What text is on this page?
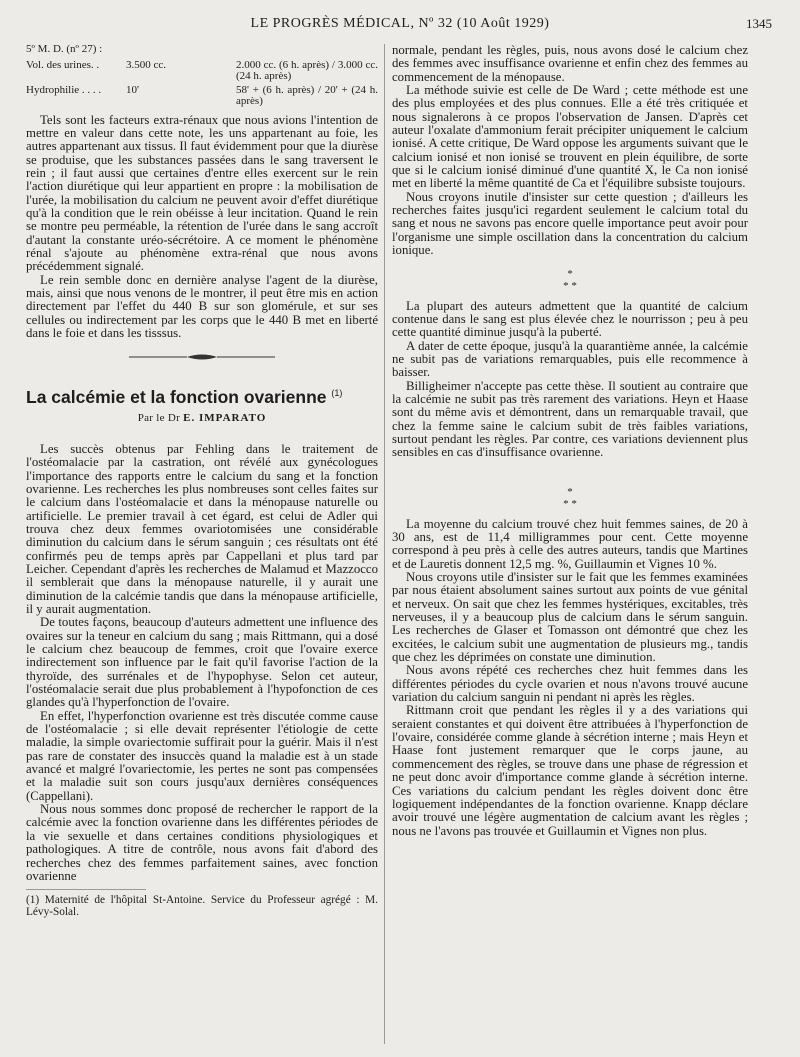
LE PROGRÈS MÉDICAL, Nº 32 (10 Août 1929)	1345
5º M. D. (nº 27) :
Vol. des urines. .	3.500 cc.	2.000 cc. (6 h. après) / 3.000 cc.(24 h. après)
Hydrophilie . . . .	10'	58' + (6 h. après) / 20' + (24 h. après)

Tels sont les facteurs extra-rénaux que nous avions l'intention de mettre en valeur dans cette note, les uns appartenant au foie, les autres appartenant aux tissus. Il faut évidemment pour que la diurèse se produise, que les substances passées dans le sang traversent le rein ; il faut aussi que certaines d'entre elles exercent sur le rein l'action diurétique qui leur appartient en propre : la mobilisation de l'urée, la mobilisation du calcium ne peuvent avoir d'effet diurétique qu'à la condition que le rein obéisse à leur incitation. Quand le rein se montre peu perméable, la rétention de l'urée dans le sang accroît d'autant la constante uréo-sécrétoire. A ce moment le phénomène rénal s'ajoute au phénomène extra-rénal que nous avons précédemment signalé.

Le rein semble donc en dernière analyse l'agent de la diurèse, mais, ainsi que nous venons de le montrer, il peut être mis en action directement par l'effet du 440 B sur son glomérule, et sur ses cellules ou indirectement par les corps que le 440 B met en liberté dans le foie et dans les tisssus.

La calcémie et la fonction ovarienne $^{(1)}$
Par le Dr E. IMPARATO

Les succès obtenus par Fehling dans le traitement de l'ostéomalacie par la castration, ont révélé aux gynécologues l'importance des rapports entre le calcium du sang et la fonction ovarienne. Les recherches les plus nombreuses sont celles faites sur le calcium dans l'ostéomalacie et dans la ménopause naturelle ou artificielle. Le premier travail à cet égard, est celui de Adler qui trouva chez deux femmes ovariotomisées une considérable diminution du calcium dans le sérum sanguin ; ces résultats ont été confirmés peu de temps après par Cappellani et plus tard par Leicher. Cependant d'après les recherches de Malamud et Mazzocco il semblerait que dans la ménopause naturelle, il y aurait une diminution de la calcémie tandis que dans la ménopause artificielle, il y aurait augmentation.

De toutes façons, beaucoup d'auteurs admettent une influence des ovaires sur la teneur en calcium du sang ; mais Rittmann, qui a dosé le calcium chez beaucoup de femmes, croit que l'ovaire exerce indirectement son influence par le fait qu'il favorise l'action de la thyroïde, des surrénales et de l'hypophyse. Selon cet auteur, l'ostéomalacie serait due plus probablement à l'hypofonction de ces glandes qu'à l'hyperfonction de l'ovaire.

En effet, l'hyperfonction ovarienne est très discutée comme cause de l'ostéomalacie ; si elle devait représenter l'étiologie de cette maladie, la simple ovariectomie suffirait pour la guérir. Mais il n'est pas rare de constater des insuccès quand la maladie est à un stade avancé et malgré l'ovariectomie, les pertes ne sont pas compensées et la maladie suit son cours jusqu'aux dernières conséquences (Cappellani).

Nous nous sommes donc proposé de rechercher le rapport de la calcémie avec la fonction ovarienne dans les différentes périodes de la vie sexuelle et dans certaines conditions physiologiques et pathologiques. A titre de contrôle, nous avons fait d'abord des recherches chez des femmes parfaitement saines, avec fonction ovarienne

(1) Maternité de l'hôpital St-Antoine. Service du Professeur agrégé : M. Lévy-Solal.

normale, pendant les règles, puis, nous avons dosé le calcium chez des femmes avec insuffisance ovarienne et enfin chez des femmes au commencement de la ménopause.

La méthode suivie est celle de De Ward ; cette méthode est une des plus employées et des plus connues. Elle a été très critiquée et nous signalerons à ce propos l'observation de Jansen. D'après cet auteur l'oxalate d'ammonium ferait précipiter uniquement le calcium ionisé. A cette critique, De Ward oppose les arguments suivant que le calcium ionisé et non ionisé se trouvent en plein équilibre, de sorte que si le calcium ionisé diminué d'une quantité X, le Ca non ionisé met en liberté la même quantité de Ca et l'équilibre subsiste toujours.

Nous croyons inutile d'insister sur cette question ; d'ailleurs les recherches faites jusqu'ici regardent seulement le calcium total du sang et nous ne savons pas encore quelle importance peut avoir pour l'organisme une simple oscillation dans la concentration du calcium ionique.

*
* *

La plupart des auteurs admettent que la quantité de calcium contenue dans le sang est plus élevée chez le nourrisson ; peu à peu cette quantité diminue jusqu'à la puberté.

A dater de cette époque, jusqu'à la quarantième année, la calcémie ne subit pas de variations remarquables, puis elle recommence à baisser.

Billigheimer n'accepte pas cette thèse. Il soutient au contraire que la calcémie ne subit pas très rarement des variations. Heyn et Haase sont du même avis et démontrent, dans un remarquable travail, que chez la femme saine le calcium subit de très faibles variations, surtout pendant les règles. Par contre, ces variations deviennent plus sensibles en cas d'insuffisance ovarienne.

*
* *

La moyenne du calcium trouvé chez huit femmes saines, de 20 à 30 ans, est de 11,4 milligrammes pour cent. Cette moyenne correspond à peu près à celle des autres auteurs, tandis que Martines et de Lauretis donnent 12,5 mg. %, Guillaumin et Vignes 10 %.

Nous croyons utile d'insister sur le fait que les femmes examinées par nous étaient absolument saines surtout aux points de vue génital et nerveux. On sait que chez les femmes hystériques, excitables, très nerveuses, il y a beaucoup plus de calcium dans le sérum sanguin. Les recherches de Glaser et Tomasson ont démontré que chez les excitées, le calcium subit une augmentation de plusieurs mg., tandis que chez les déprimées on constate une diminution.

Nous avons répété ces recherches chez huit femmes dans les différentes périodes du cycle ovarien et nous n'avons trouvé aucune variation du calcium sanguin ni pendant ni après les règles.

Rittmann croit que pendant les règles il y a des variations qui seraient constantes et qui doivent être attribuées à l'hyperfonction de l'ovaire, considérée comme glande à sécrétion interne ; mais Heyn et Haase font justement remarquer que le corps jaune, au commencement des règles, se trouve dans une phase de régression et ne peut donc avoir d'importance comme glande à sécrétion interne. Ces variations du calcium pendant les règles doivent donc être logiquement indépendantes de la fonction ovarienne. Knapp déclare avoir trouvé une légère augmentation de calcium avant les règles ; nous ne l'avons pas trouvée et Guillaumin et Vignes non plus.
